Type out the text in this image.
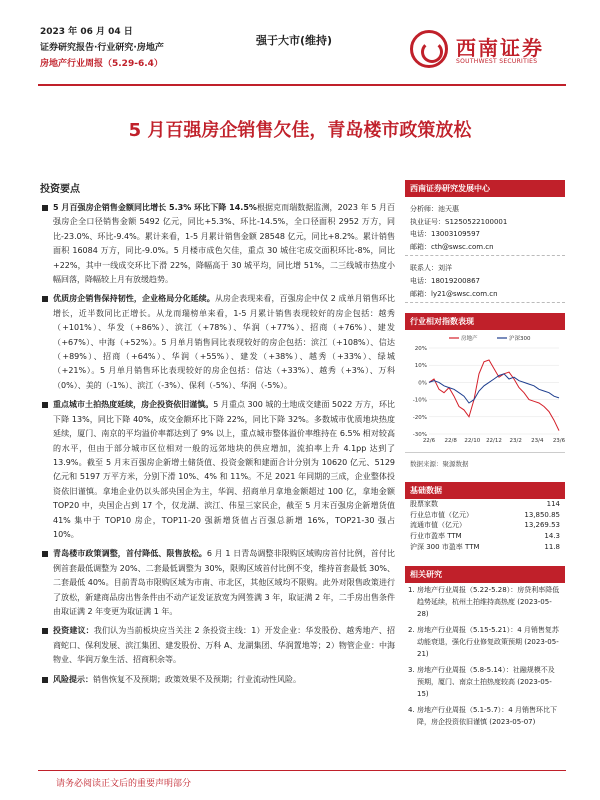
2023 年 06 月 04 日
证券研究报告·行业研究·房地产
房地产行业周报（5.29-6.4）
强于大市(维持)	西南证券
SOUTHWEST SECURITIES
5 月百强房企销售欠佳，青岛楼市政策放松
投资要点
5 月百强房企销售金额同比增长 5.3% 环比下降 14.5%根据克而瑞数据监测，2023 年 5 月百强房企全口径销售金额 5492 亿元，同比+5.3%、环比-14.5%，全口径面积 2952 万方，同比-23.0%、环比-9.4%。累计来看，1-5 月累计销售金额 28548 亿元，同比+8.2%。累计销售面积 16084 万方，同比-9.0%。5 月楼市成色欠佳，重点 30 城住宅成交面积环比-8%，同比+22%，其中一线成交环比下滑 22%，降幅高于 30 城平均，同比增 51%，二三线城市热度小幅回落，降幅较上月有放缓趋势。
优质房企销售保持韧性，企业格局分化延续。从房企表现来看，百强房企中仅 2 成单月销售环比增长，近半数同比正增长。从龙而瑞榜单来看，1-5 月累计销售表现较好的房企包括：越秀（+101%）、华发（+86%）、滨江（+78%）、华润（+77%）、招商（+76%）、建发（+67%）、中海（+52%）。5 月单月销售同比表现较好的房企包括：滨江（+108%）、信达（+89%）、招商（+64%）、华润（+55%）、建发（+38%）、越秀（+33%）、绿城（+21%）。5 月单月销售环比表现较好的房企包括：信达（+33%）、越秀（+3%）、万科（0%）、美的（-1%）、滨江（-3%）、保利（-5%）、华润（-5%）。
重点城市土拍热度延续，房企投资依旧谨慎。5 月重点 300 城的土地成交建面 5022 万方，环比下降 13%，同比下降 40%，成交金额环比下降 22%，同比下降 32%。多数城市优质地块热度延续，厦门、南京的平均溢价率都达到了 9% 以上，重点城市整体溢价率维持在 6.5% 相对较高的水平，但由于部分城市区位相对一般的远郊地块的供应增加，流拍率上升 4.1pp 达到了 13.9%。截至 5 月末百强房企新增土储货值、投资金额和建面合计分别为 10620 亿元、5129 亿元和 5197 万平方米，分别下滑 10%、4% 和 11%。不足 2021 年同期的三成，企业整体投资依旧谨慎。拿地企业仍以头部央国企为主，华润、招商单月拿地金额超过 100 亿，拿地金额 TOP20 中，央国企占到 17 个，仅龙湖、滨江、伟星三家民企，截至 5 月末百强房企新增货值 41% 集中于 TOP10 房企，TOP11-20 强新增货值占百强总新增 16%，TOP21-30 强占 10%。
青岛楼市政策调整，首付降低、限售放松。6 月 1 日青岛调整非限购区域购房首付比例，首付比例首套最低调整为 20%、二套最低调整为 30%，限购区域首付比例不变，维持首套最低 30%、二套最低 40%。目前青岛市限购区域为市南、市北区，其他区域均不限购。此外对限售政策进行了放松，新建商品房出售条件由不动产证发证放宽为网签满 3 年，取证满 2 年，二手房出售条件由取证满 2 年变更为取证满 1 年。
投资建议：我们认为当前板块应当关注 2 条投资主线：1）开发企业：华发股份、越秀地产、招商蛇口、保利发展、滨江集团、建发股份、万科 A、龙湖集团、华润置地等；2）物管企业：中海物业、华润万象生活、招商积余等。
风险提示：销售恢复不及预期；政策效果不及预期；行业流动性风险。
西南证券研究发展中心
分析师：池天惠
执业证号：S1250522100001
电话：13003109597
邮箱：cth@swsc.com.cn
联系人：刘洋
电话：18019200867
邮箱：ly21@swsc.com.cn
行业相对指数表现
20%
10%
0%
-10%
-20%
-30%
22/6 22/8 22/10 22/12 23/2 23/4 23/6
房地产	沪深300
数据来源：聚源数据
基础数据
股票家数	114
行业总市值（亿元）	13,850.85
流通市值（亿元）	13,269.53
行业市盈率 TTM	14.3
沪深 300 市盈率 TTM	11.8
相关研究
1. 房地产行业周报（5.22-5.28）：房贷利率降低趋势延续，杭州土拍维持高热度 (2023-05-28)
2. 房地产行业周报（5.15-5.21）：4 月销售复苏动能衰退，强化行业修复政策预期 (2023-05-21)
3. 房地产行业周报（5.8-5.14）：社融规模不及预期，厦门、南京土拍热度较高 (2023-05-15)
4. 房地产行业周报（5.1-5.7）：4 月销售环比下降，房企投资依旧谨慎 (2023-05-07)
请务必阅读正文后的重要声明部分
